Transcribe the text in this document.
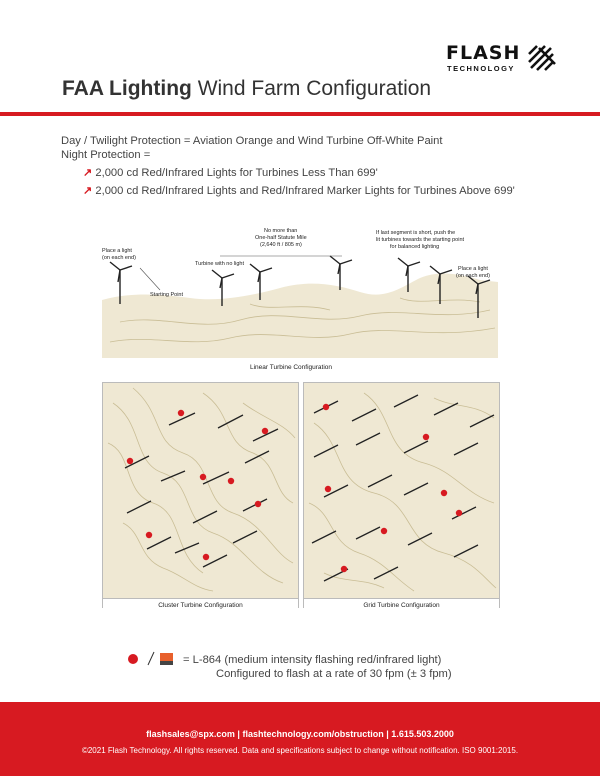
FLASH
TECHNOLOGY
FAA Lighting Wind Farm Configuration
Day / Twilight Protection = Aviation Orange and Wind Turbine Off-White Paint
Night Protection =
↗ 2,000 cd Red/Infrared Lights for Turbines Less Than 699'
↗ 2,000 cd Red/Infrared Lights and Red/Infrared Marker Lights for Turbines Above 699'
Place a light
(on each end)
Starting Point
Turbine with no light
No more than
One-half Statute Mile
(2,640 ft / 805 m)
If last segment is short, push the
lit turbines towards the starting point
for balanced lighting
Place a light
(on each end)
Linear Turbine Configuration
Cluster Turbine Configuration	Grid Turbine Configuration
= L-864 (medium intensity flashing red/infrared light)
Configured to flash at a rate of 30 fpm (± 3 fpm)
flashsales@spx.com | flashtechnology.com/obstruction | 1.615.503.2000
©2021 Flash Technology. All rights reserved. Data and specifications subject to change without notification. ISO 9001:2015.
